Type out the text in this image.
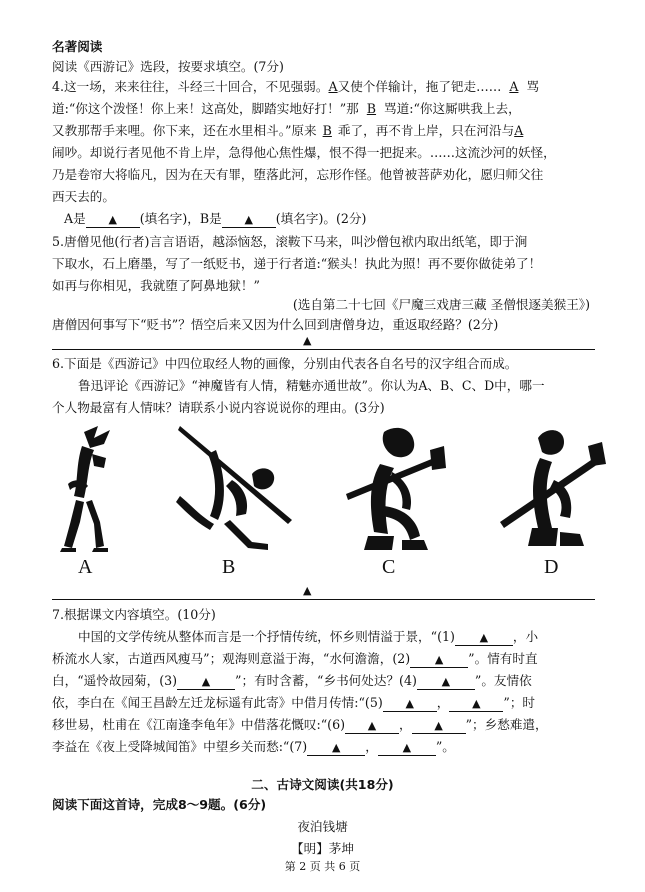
名著阅读
阅读《西游记》选段，按要求填空。(7分)
4.这一场，来来往往，斗经三十回合，不见强弱。A又使个佯输计，拖了钯走…… A 骂
道:“你这个泼怪！你上来！这高处，脚踏实地好打！”那 B 骂道:“你这厮哄我上去，
又教那帮手来哩。你下来，还在水里相斗。”原来 B 乖了，再不肯上岸，只在河沿与A
闹吵。却说行者见他不肯上岸，急得他心焦性爆，恨不得一把捉来。……这流沙河的妖怪，
乃是卷帘大将临凡，因为在天有罪，堕落此河，忘形作怪。他曾被菩萨劝化，愿归师父往
西天去的。
A是 ▲ (填名字)，B是 ▲ (填名字)。(2分)
5.唐僧见他(行者)言言语语，越添恼怒，滚鞍下马来，叫沙僧包袱内取出纸笔，即于涧
下取水，石上磨墨，写了一纸贬书，递于行者道:“猴头！执此为照！再不要你做徒弟了！
如再与你相见，我就堕了阿鼻地狱！”
(选自第二十七回《尸魔三戏唐三藏 圣僧恨逐美猴王》)
唐僧因何事写下“贬书”？悟空后来又因为什么回到唐僧身边，重返取经路？(2分)
▲
6.下面是《西游记》中四位取经人物的画像，分别由代表各自名号的汉字组合而成。
鲁迅评论《西游记》“神魔皆有人情，精魅亦通世故”。你认为A、B、C、D中，哪一
个人物最富有人情味？请联系小说内容说说你的理由。(3分)
A	B	C	D
▲
7.根据课文内容填空。(10分)
中国的文学传统从整体而言是一个抒情传统，怀乡则情溢于景，“(1) ▲ ，小
桥流水人家，古道西风瘦马”；观海则意溢于海，“水何澹澹，(2) ▲ ”。情有时直
白，“遥怜故园菊，(3) ▲ ”；有时含蓄，“乡书何处达？(4) ▲ ”。友情依
依，李白在《闻王昌龄左迁龙标遥有此寄》中借月传情:“(5) ▲ ， ▲ ”；时
移世易，杜甫在《江南逢李龟年》中借落花慨叹:“(6) ▲ ， ▲ ”；乡愁难遣，
李益在《夜上受降城闻笛》中望乡关而愁:“(7) ▲ ， ▲ ”。
二、古诗文阅读(共18分)
阅读下面这首诗，完成8～9题。(6分)
夜泊钱塘
【明】茅坤
第 2 页 共 6 页
